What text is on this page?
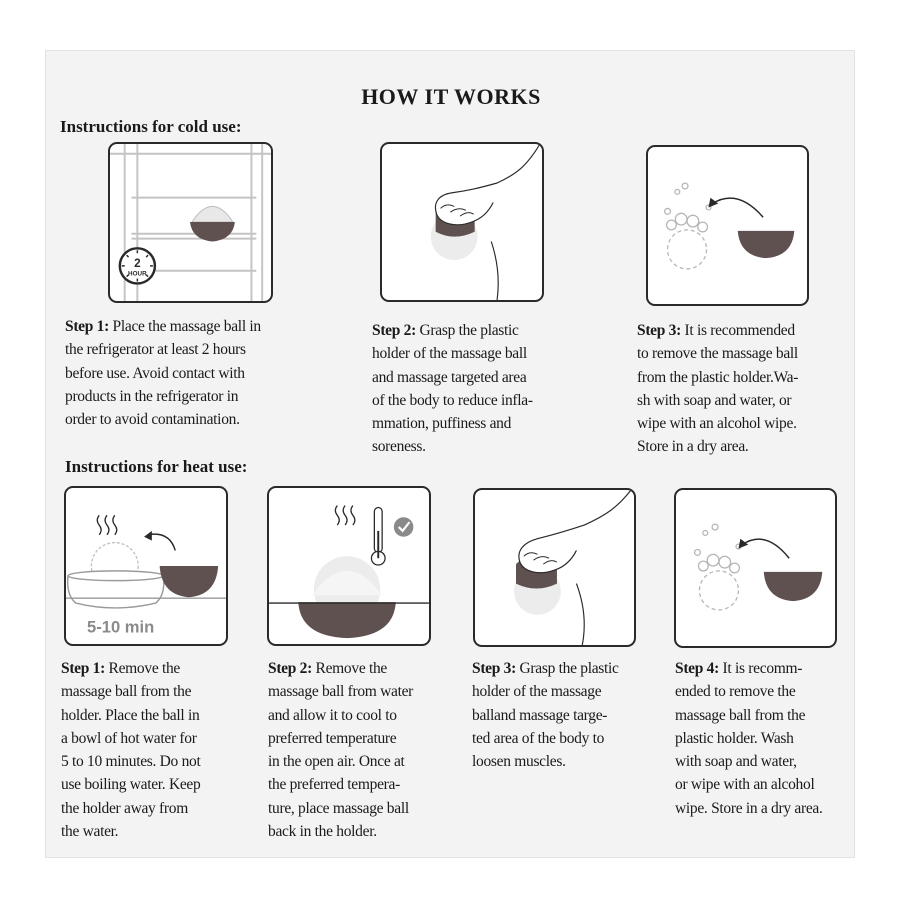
HOW IT WORKS
Instructions for cold use:
2
HOUR
Step 1: Place the massage ball in
the refrigerator at least 2 hours
before use. Avoid contact with
products in the refrigerator in
order to avoid contamination.
Step 2: Grasp the plastic
holder of the massage ball
and massage targeted area
of the body to reduce infla-
mmation, puffiness and
soreness.
Step 3: It is recommended
to remove the massage ball
from the plastic holder.Wa-
sh with soap and water, or
wipe with an alcohol wipe.
Store in a dry area.
Instructions for heat use:
5-10 min
Step 1: Remove the
massage ball from the
holder. Place the ball in
a bowl of hot water for
5 to 10 minutes. Do not
use boiling water. Keep
the holder away from
the water.
Step 2: Remove the
massage ball from water
and allow it to cool to
preferred temperature
in the open air. Once at
the preferred tempera-
ture, place massage ball
back in the holder.
Step 3: Grasp the plastic
holder of the massage
balland massage targe-
ted area of the body to
loosen muscles.
Step 4: It is recomm-
ended to remove the
massage ball from the
plastic holder. Wash
with soap and water,
or wipe with an alcohol
wipe. Store in a dry area.
